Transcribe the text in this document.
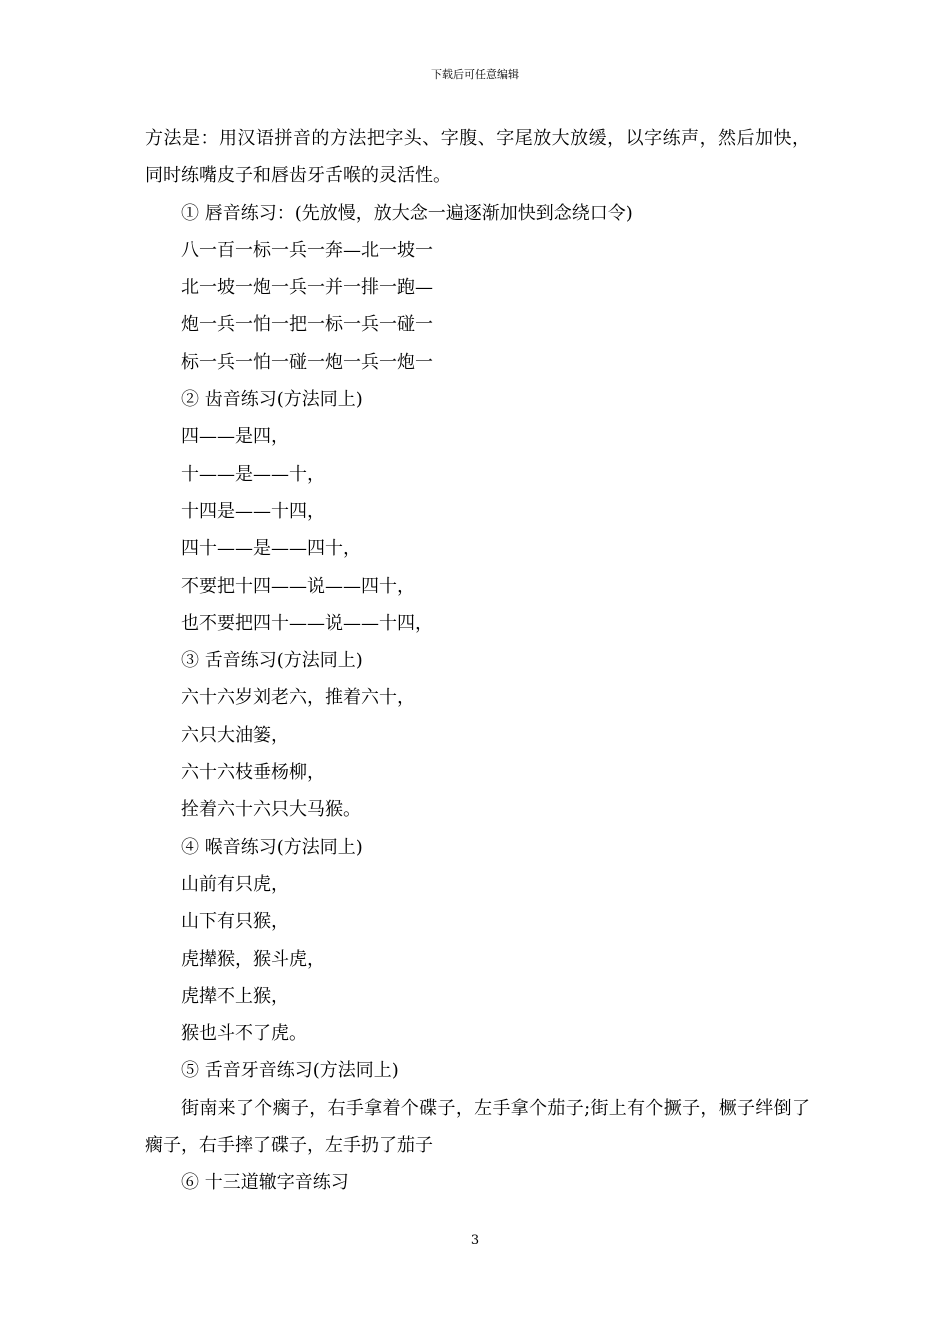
下载后可任意编辑

方法是：用汉语拼音的方法把字头、字腹、字尾放大放缓，以字练声，然后加快，同时练嘴皮子和唇齿牙舌喉的灵活性。

① 唇音练习：(先放慢，放大念一遍逐渐加快到念绕口令)

八一百一标一兵一奔—北一坡一

北一坡一炮一兵一并一排一跑—

炮一兵一怕一把一标一兵一碰一

标一兵一怕一碰一炮一兵一炮一

② 齿音练习(方法同上)

四——是四，

十——是——十，

十四是——十四，

四十——是——四十，

不要把十四——说——四十，

也不要把四十——说——十四，

③ 舌音练习(方法同上)

六十六岁刘老六，推着六十，

六只大油篓，

六十六枝垂杨柳，

拴着六十六只大马猴。

④ 喉音练习(方法同上)

山前有只虎，

山下有只猴，

虎撵猴，猴斗虎，

虎撵不上猴，

猴也斗不了虎。

⑤ 舌音牙音练习(方法同上)

街南来了个瘸子，右手拿着个碟子，左手拿个茄子;街上有个撅子，橛子绊倒了瘸子，右手摔了碟子，左手扔了茄子

⑥ 十三道辙字音练习

3
